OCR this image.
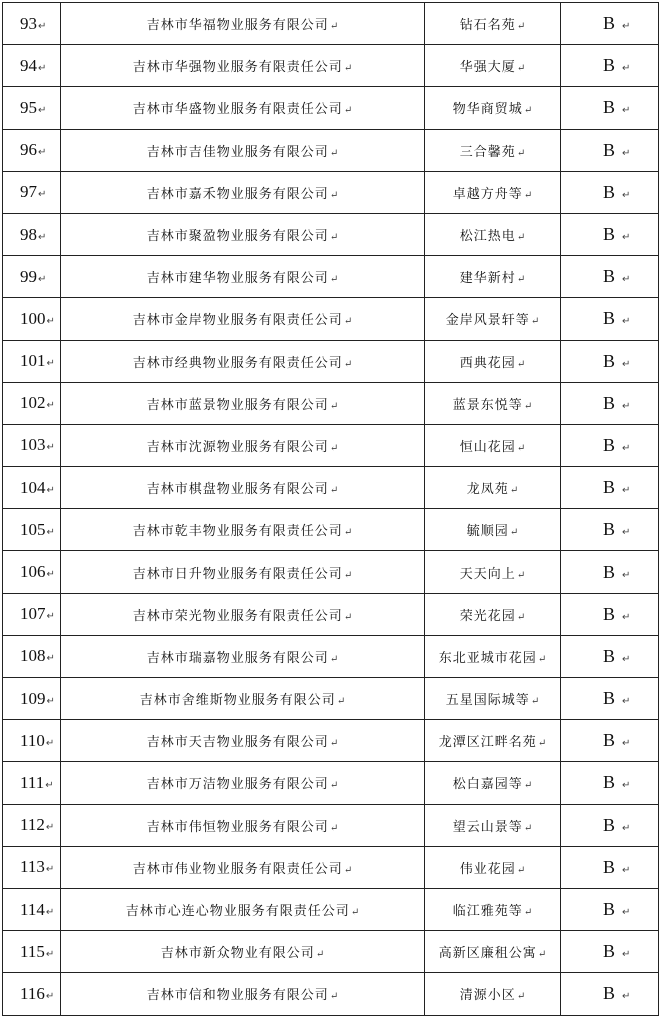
93↵	吉林市华福物业服务有限公司↵	钻石名苑↵	B ↵
94↵	吉林市华强物业服务有限责任公司↵	华强大厦↵	B ↵
95↵	吉林市华盛物业服务有限责任公司↵	物华商贸城↵	B ↵
96↵	吉林市吉佳物业服务有限公司↵	三合馨苑↵	B ↵
97↵	吉林市嘉禾物业服务有限公司↵	卓越方舟等↵	B ↵
98↵	吉林市聚盈物业服务有限公司↵	松江热电↵	B ↵
99↵	吉林市建华物业服务有限公司↵	建华新村↵	B ↵
100↵	吉林市金岸物业服务有限责任公司↵	金岸风景轩等↵	B ↵
101↵	吉林市经典物业服务有限责任公司↵	西典花园↵	B ↵
102↵	吉林市蓝景物业服务有限公司↵	蓝景东悦等↵	B ↵
103↵	吉林市沈源物业服务有限公司↵	恒山花园↵	B ↵
104↵	吉林市棋盘物业服务有限公司↵	龙凤苑↵	B ↵
105↵	吉林市乾丰物业服务有限责任公司↵	毓顺园↵	B ↵
106↵	吉林市日升物业服务有限责任公司↵	天天向上↵	B ↵
107↵	吉林市荣光物业服务有限责任公司↵	荣光花园↵	B ↵
108↵	吉林市瑞嘉物业服务有限公司↵	东北亚城市花园↵	B ↵
109↵	吉林市舍维斯物业服务有限公司↵	五星国际城等↵	B ↵
110↵	吉林市天吉物业服务有限公司↵	龙潭区江畔名苑↵	B ↵
111↵	吉林市万洁物业服务有限公司↵	松白嘉园等↵	B ↵
112↵	吉林市伟恒物业服务有限公司↵	望云山景等↵	B ↵
113↵	吉林市伟业物业服务有限责任公司↵	伟业花园↵	B ↵
114↵	吉林市心连心物业服务有限责任公司↵	临江雅苑等↵	B ↵
115↵	吉林市新众物业有限公司↵	高新区廉租公寓↵	B ↵
116↵	吉林市信和物业服务有限公司↵	清源小区↵	B ↵
